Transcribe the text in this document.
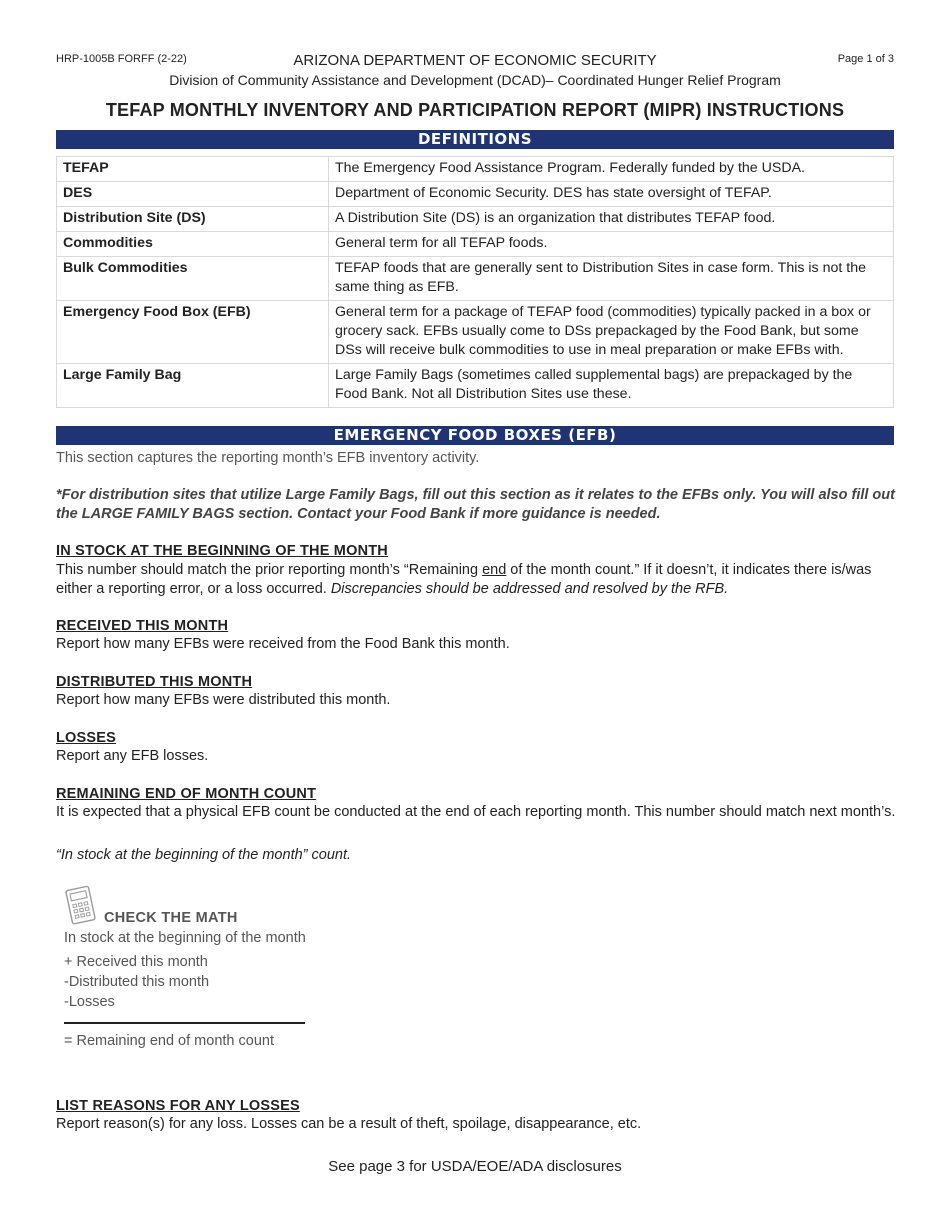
HRP-1005B FORFF (2-22)	ARIZONA DEPARTMENT OF ECONOMIC SECURITY	Page 1 of 3
Division of Community Assistance and Development (DCAD)– Coordinated Hunger Relief Program
TEFAP MONTHLY INVENTORY AND PARTICIPATION REPORT (MIPR) INSTRUCTIONS
DEFINITIONS
TEFAP	The Emergency Food Assistance Program. Federally funded by the USDA.
DES	Department of Economic Security. DES has state oversight of TEFAP.
Distribution Site (DS)	A Distribution Site (DS) is an organization that distributes TEFAP food.
Commodities	General term for all TEFAP foods.
Bulk Commodities	TEFAP foods that are generally sent to Distribution Sites in case form. This is not the same thing as EFB.
Emergency Food Box (EFB)	General term for a package of TEFAP food (commodities) typically packed in a box or grocery sack. EFBs usually come to DSs prepackaged by the Food Bank, but some DSs will receive bulk commodities to use in meal preparation or make EFBs with.
Large Family Bag	Large Family Bags (sometimes called supplemental bags) are prepackaged by the Food Bank. Not all Distribution Sites use these.
EMERGENCY FOOD BOXES (EFB)
This section captures the reporting month’s EFB inventory activity.
*For distribution sites that utilize Large Family Bags, fill out this section as it relates to the EFBs only. You will also fill out the LARGE FAMILY BAGS section. Contact your Food Bank if more guidance is needed.
IN STOCK AT THE BEGINNING OF THE MONTH
This number should match the prior reporting month’s “Remaining end of the month count.” If it doesn’t, it indicates there is/was either a reporting error, or a loss occurred. Discrepancies should be addressed and resolved by the RFB.
RECEIVED THIS MONTH
Report how many EFBs were received from the Food Bank this month.
DISTRIBUTED THIS MONTH
Report how many EFBs were distributed this month.
LOSSES
Report any EFB losses.
REMAINING END OF MONTH COUNT
It is expected that a physical EFB count be conducted at the end of each reporting month. This number should match next month’s.
“In stock at the beginning of the month” count.
CHECK THE MATH
In stock at the beginning of the month
+ Received this month
-Distributed this month
-Losses
= Remaining end of month count
LIST REASONS FOR ANY LOSSES
Report reason(s) for any loss. Losses can be a result of theft, spoilage, disappearance, etc.
See page 3 for USDA/EOE/ADA disclosures
